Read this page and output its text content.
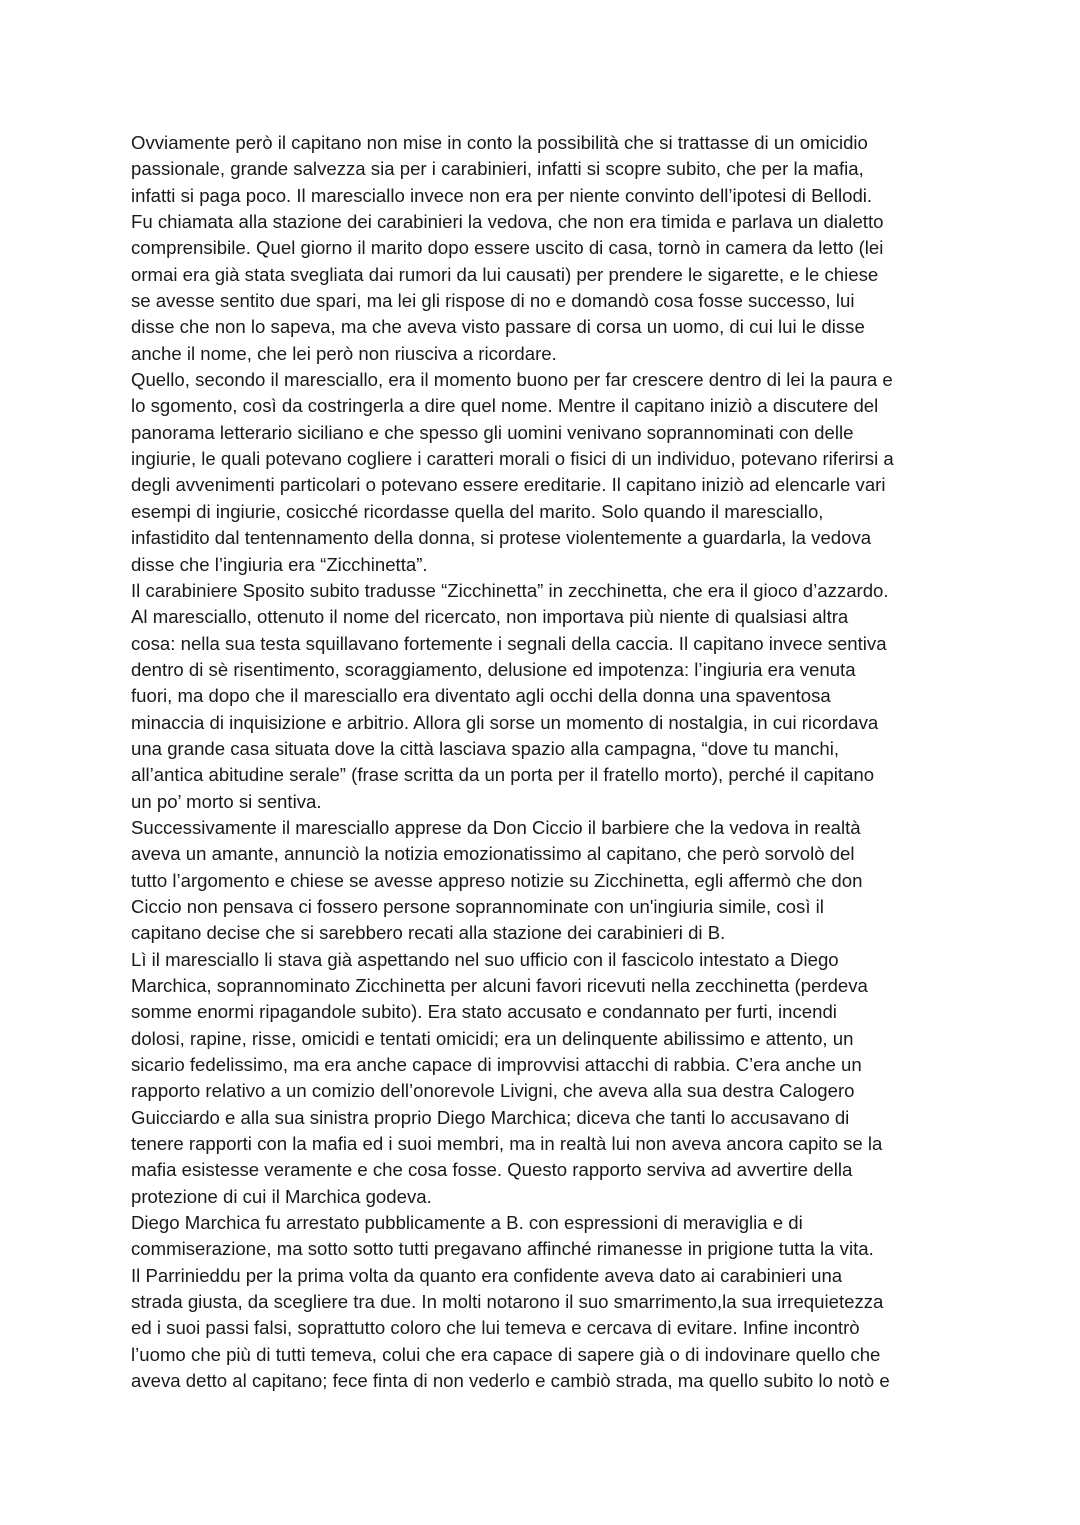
Ovviamente però il capitano non mise in conto la possibilità che si trattasse di un omicidio
passionale, grande salvezza sia per i carabinieri, infatti si scopre subito, che per la mafia,
infatti si paga poco. Il maresciallo invece non era per niente convinto dell’ipotesi di Bellodi.
Fu chiamata alla stazione dei carabinieri la vedova, che non era timida e parlava un dialetto
comprensibile. Quel giorno il marito dopo essere uscito di casa, tornò in camera da letto (lei
ormai era già stata svegliata dai rumori da lui causati) per prendere le sigarette, e le chiese
se avesse sentito due spari, ma lei gli rispose di no e domandò cosa fosse successo, lui
disse che non lo sapeva, ma che aveva visto passare di corsa un uomo, di cui lui le disse
anche il nome, che lei però non riusciva a ricordare.
Quello, secondo il maresciallo, era il momento buono per far crescere dentro di lei la paura e
lo sgomento, così da costringerla a dire quel nome. Mentre il capitano iniziò a discutere del
panorama letterario siciliano e che spesso gli uomini venivano soprannominati con delle
ingiurie, le quali potevano cogliere i caratteri morali o fisici di un individuo, potevano riferirsi a
degli avvenimenti particolari o potevano essere ereditarie. Il capitano iniziò ad elencarle vari
esempi di ingiurie, cosicché ricordasse quella del marito. Solo quando il maresciallo,
infastidito dal tentennamento della donna, si protese violentemente a guardarla, la vedova
disse che l’ingiuria era “Zicchinetta”.
Il carabiniere Sposito subito tradusse “Zicchinetta” in zecchinetta, che era il gioco d’azzardo.
Al maresciallo, ottenuto il nome del ricercato, non importava più niente di qualsiasi altra
cosa: nella sua testa squillavano fortemente i segnali della caccia. Il capitano invece sentiva
dentro di sè risentimento, scoraggiamento, delusione ed impotenza: l’ingiuria era venuta
fuori, ma dopo che il maresciallo era diventato agli occhi della donna una spaventosa
minaccia di inquisizione e arbitrio. Allora gli sorse un momento di nostalgia, in cui ricordava
una grande casa situata dove la città lasciava spazio alla campagna, “dove tu manchi,
all’antica abitudine serale” (frase scritta da un porta per il fratello morto), perché il capitano
un po’ morto si sentiva.
Successivamente il maresciallo apprese da Don Ciccio il barbiere che la vedova in realtà
aveva un amante, annunciò la notizia emozionatissimo al capitano, che però sorvolò del
tutto l’argomento e chiese se avesse appreso notizie su Zicchinetta, egli affermò che don
Ciccio non pensava ci fossero persone soprannominate con un'ingiuria simile, così il
capitano decise che si sarebbero recati alla stazione dei carabinieri di B.
Lì il maresciallo li stava già aspettando nel suo ufficio con il fascicolo intestato a Diego
Marchica, soprannominato Zicchinetta per alcuni favori ricevuti nella zecchinetta (perdeva
somme enormi ripagandole subito). Era stato accusato e condannato per furti, incendi
dolosi, rapine, risse, omicidi e tentati omicidi; era un delinquente abilissimo e attento, un
sicario fedelissimo, ma era anche capace di improvvisi attacchi di rabbia. C’era anche un
rapporto relativo a un comizio dell’onorevole Livigni, che aveva alla sua destra Calogero
Guicciardo e alla sua sinistra proprio Diego Marchica; diceva che tanti lo accusavano di
tenere rapporti con la mafia ed i suoi membri, ma in realtà lui non aveva ancora capito se la
mafia esistesse veramente e che cosa fosse. Questo rapporto serviva ad avvertire della
protezione di cui il Marchica godeva.
Diego Marchica fu arrestato pubblicamente a B. con espressioni di meraviglia e di
commiserazione, ma sotto sotto tutti pregavano affinché rimanesse in prigione tutta la vita.
Il Parrinieddu per la prima volta da quanto era confidente aveva dato ai carabinieri una
strada giusta, da scegliere tra due. In molti notarono il suo smarrimento,la sua irrequietezza
ed i suoi passi falsi, soprattutto coloro che lui temeva e cercava di evitare. Infine incontrò
l’uomo che più di tutti temeva, colui che era capace di sapere già o di indovinare quello che
aveva detto al capitano; fece finta di non vederlo e cambiò strada, ma quello subito lo notò e
